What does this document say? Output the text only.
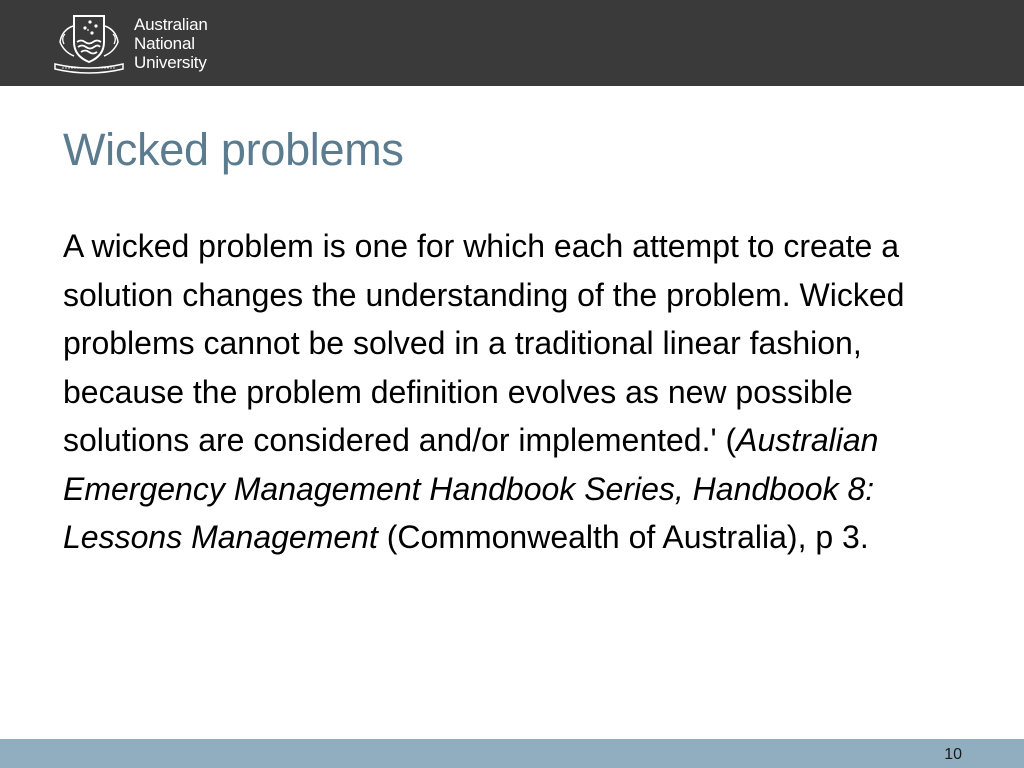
Australian
National
University
Wicked problems

A wicked problem is one for which each attempt to create a solution changes the understanding of the problem. Wicked problems cannot be solved in a traditional linear fashion, because the problem definition evolves as new possible solutions are considered and/or implemented.' (Australian Emergency Management Handbook Series, Handbook 8: Lessons Management (Commonwealth of Australia), p 3.

10
